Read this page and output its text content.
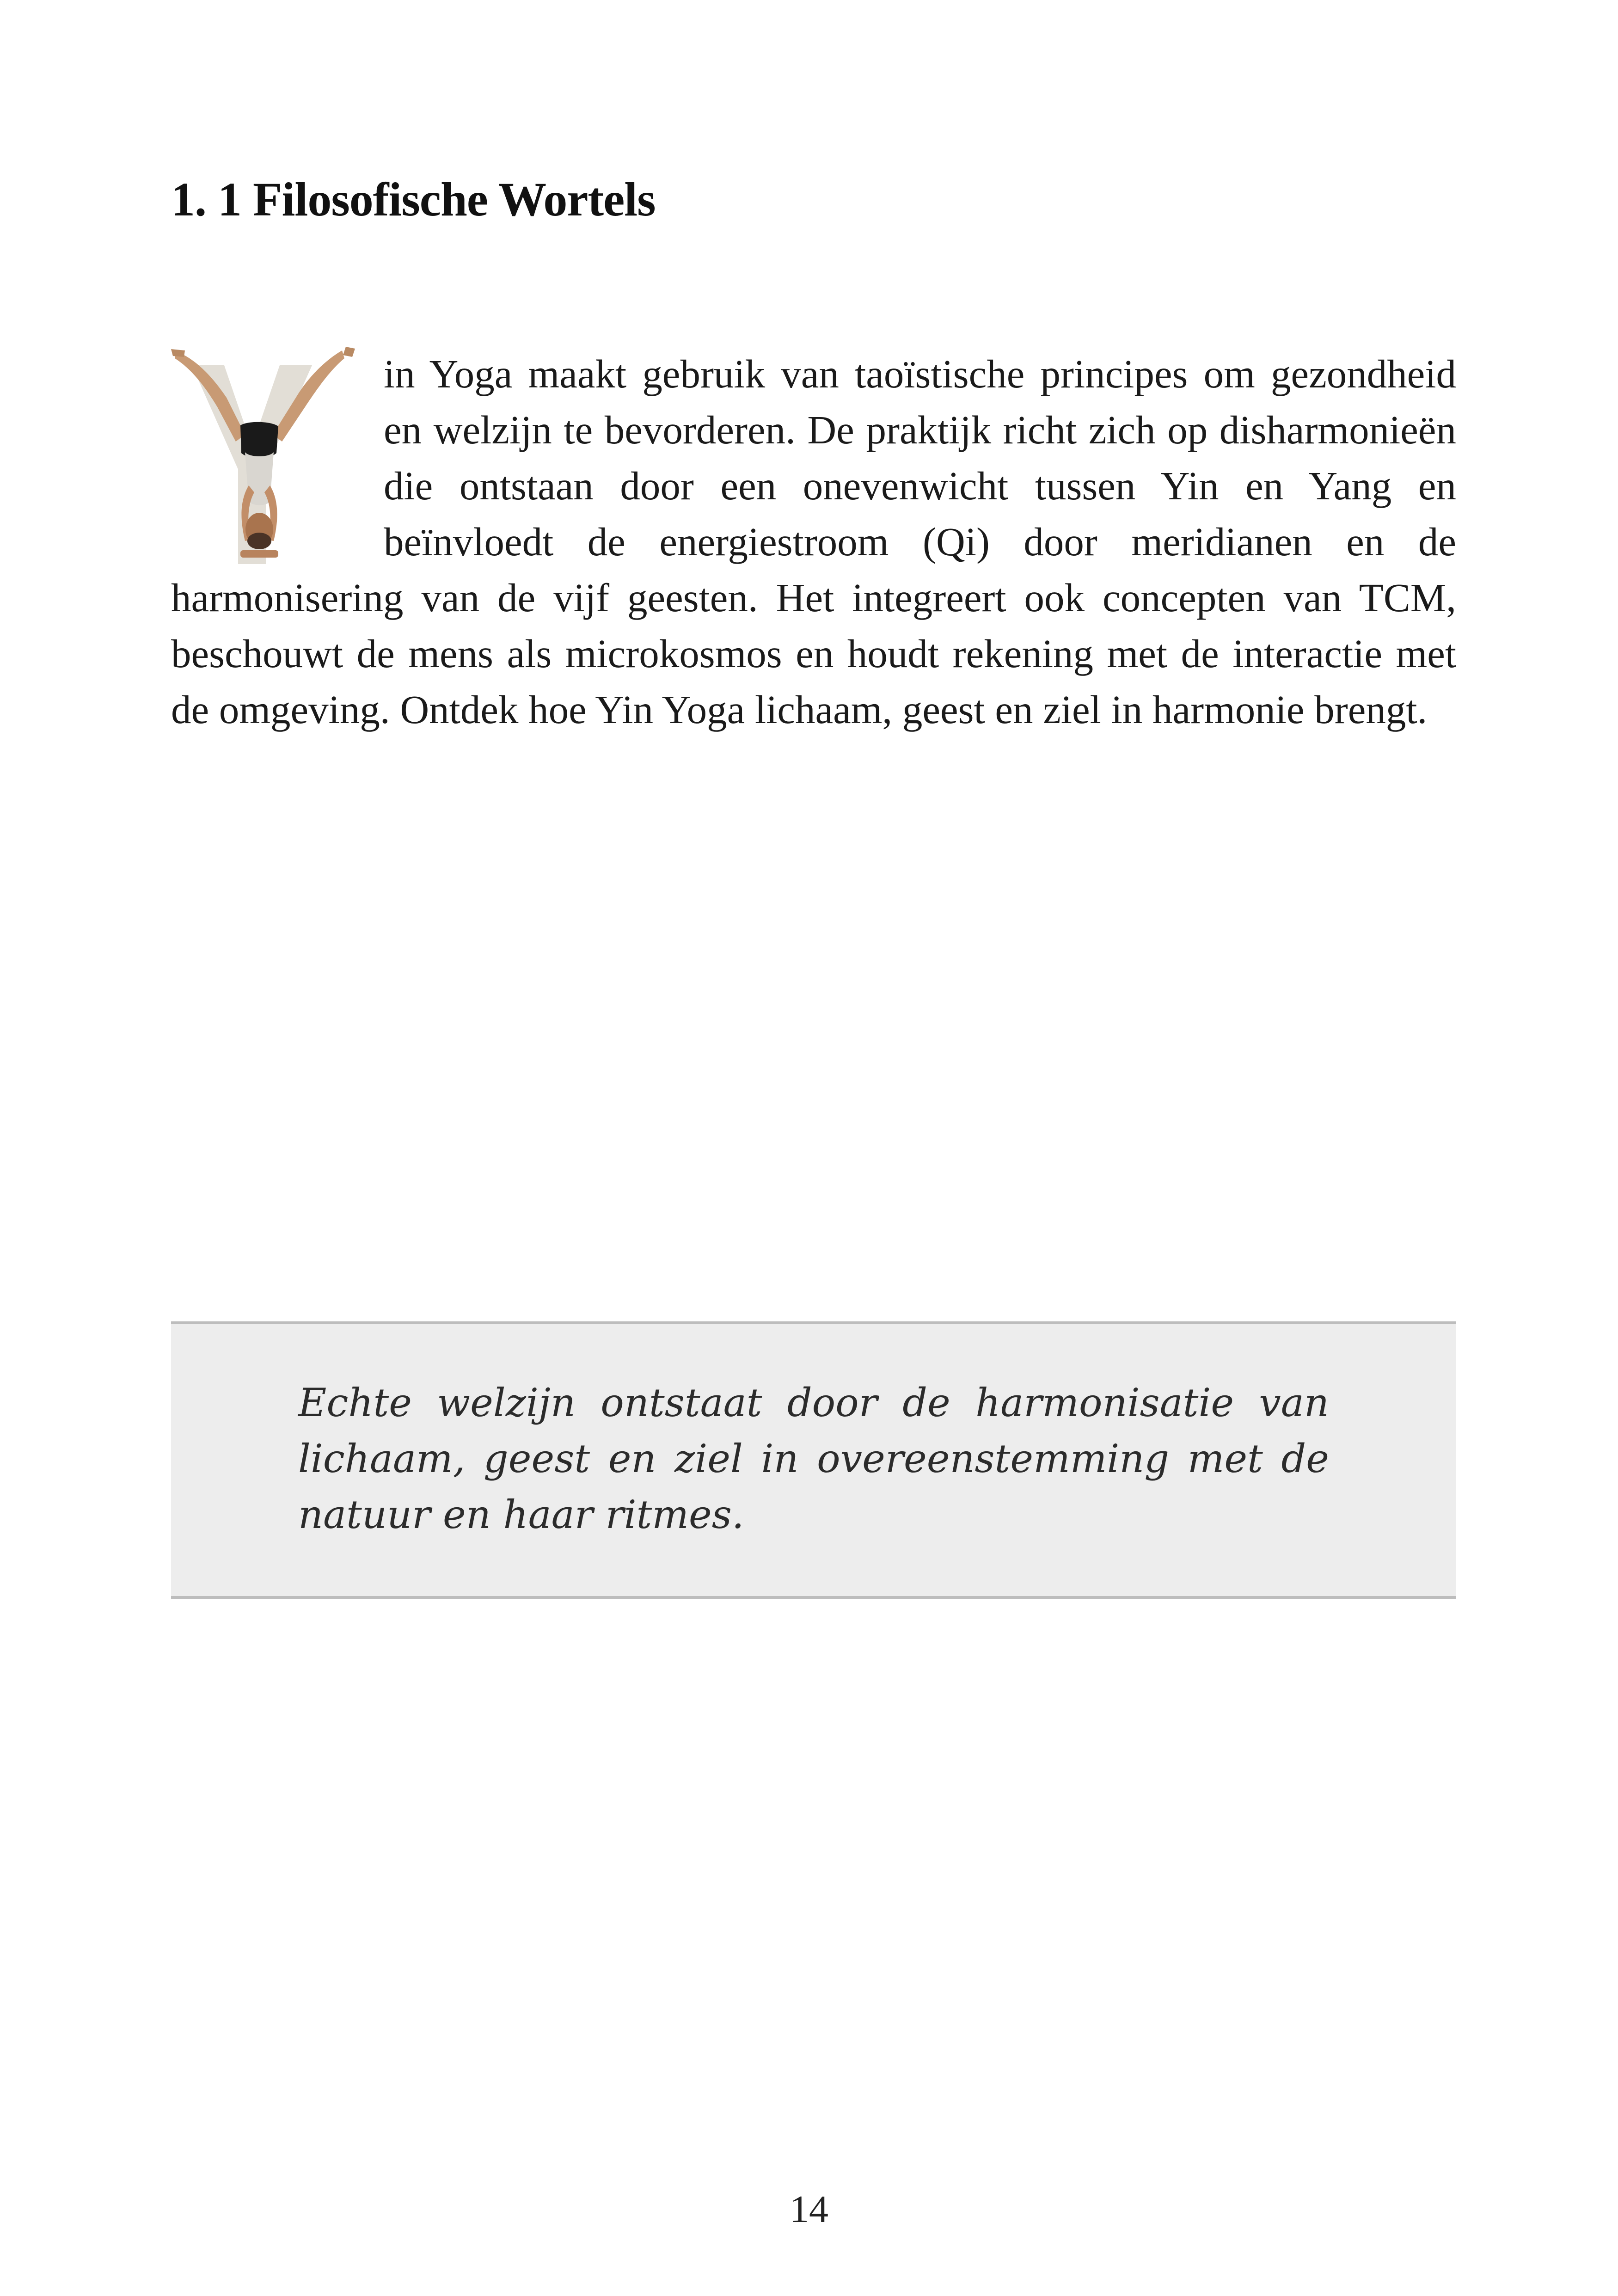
1. 1 Filosofische Wortels
in Yoga maakt gebruik van taoïstische principes om gezondheid en welzijn te bevorderen. De praktijk richt zich op disharmonieën die ontstaan door een onevenwicht tussen Yin en Yang en beïnvloedt de energiestroom (Qi) door meridianen en de harmonisering van de vijf geesten. Het integreert ook concepten van TCM, beschouwt de mens als microkosmos en houdt rekening met de interactie met de omgeving. Ontdek hoe Yin Yoga lichaam, geest en ziel in harmonie brengt.

Echte welzijn ontstaat door de harmonisatie van lichaam, geest en ziel in overeenstemming met de natuur en haar ritmes.

14
